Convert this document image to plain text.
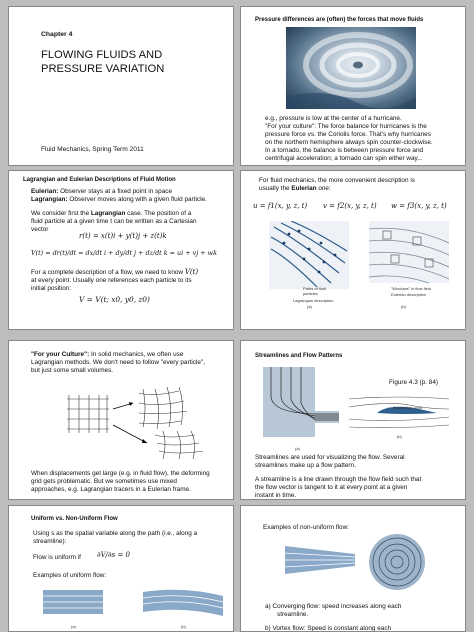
Chapter 4
FLOWING FLUIDS AND
PRESSURE VARIATION
Fluid Mechanics, Spring Term 2011
Pressure differences are (often) the forces that move fluids
e.g., pressure is low at the center of a hurricane.
"For your culture": The force balance for hurricanes is the
pressure force vs. the Coriolis force. That's why hurricanes
on the northern hemisphere always spin counter-clockwise.
In a tornado, the balance is between pressure force and
centrifugal acceleration; a tornado can spin either way...
Lagrangian and Eulerian Descriptions of Fluid Motion
Eulerian: Observer stays at a fixed point in space
Lagrangian: Observer moves along with a given fluid particle.
We consider first the Lagrangian case. The position of a
fluid particle at a given time t can be written as a Cartesian
vector
r(t) = x(t)i + y(t)j + z(t)k
V(t) = dr(t)/dt = dx/dt i + dy/dt j + dz/dt k = ui + vj + wk
For a complete description of a flow, we need to know V(t)
at every point. Usually one references each particle to its
initial position:
V = V(t; x0, y0, z0)
For fluid mechanics, the more convenient description is
usually the Eulerian one:
u = f1(x, y, z, t) v = f2(x, y, z, t) w = f3(x, y, z, t)
Paths of fluid
particles
Lagrangian description
(a)
"Windows" in flow field
Eulerian description
(b)
"For your Culture": In solid mechanics, we often use
Lagrangian methods. We don't need to follow "every particle",
but just some small volumes.
When displacements get large (e.g. in fluid flow), the deforming
grid gets problematic. But we sometimes use mixed
approaches, e.g. Lagrangian tracers in a Eulerian frame.
Streamlines and Flow Patterns
(a)
Figure 4.3 (p. 84)
Separation point
(b)
Streamlines are used for visualizing the flow. Several
streamlines make up a flow pattern.
A streamline is a line drawn through the flow field such that
the flow vector is tangent to it at every point at a given
instant in time.
Uniform vs. Non-Uniform Flow
Using s as the spatial variable along the path (i.e., along a
streamline):
Flow is uniform if ∂V/∂s = 0
Examples of uniform flow:
(a)	(b)
Examples of non-uniform flow:
a) Converging flow: speed increases along each
streamline.
b) Vortex flow: Speed is constant along each
